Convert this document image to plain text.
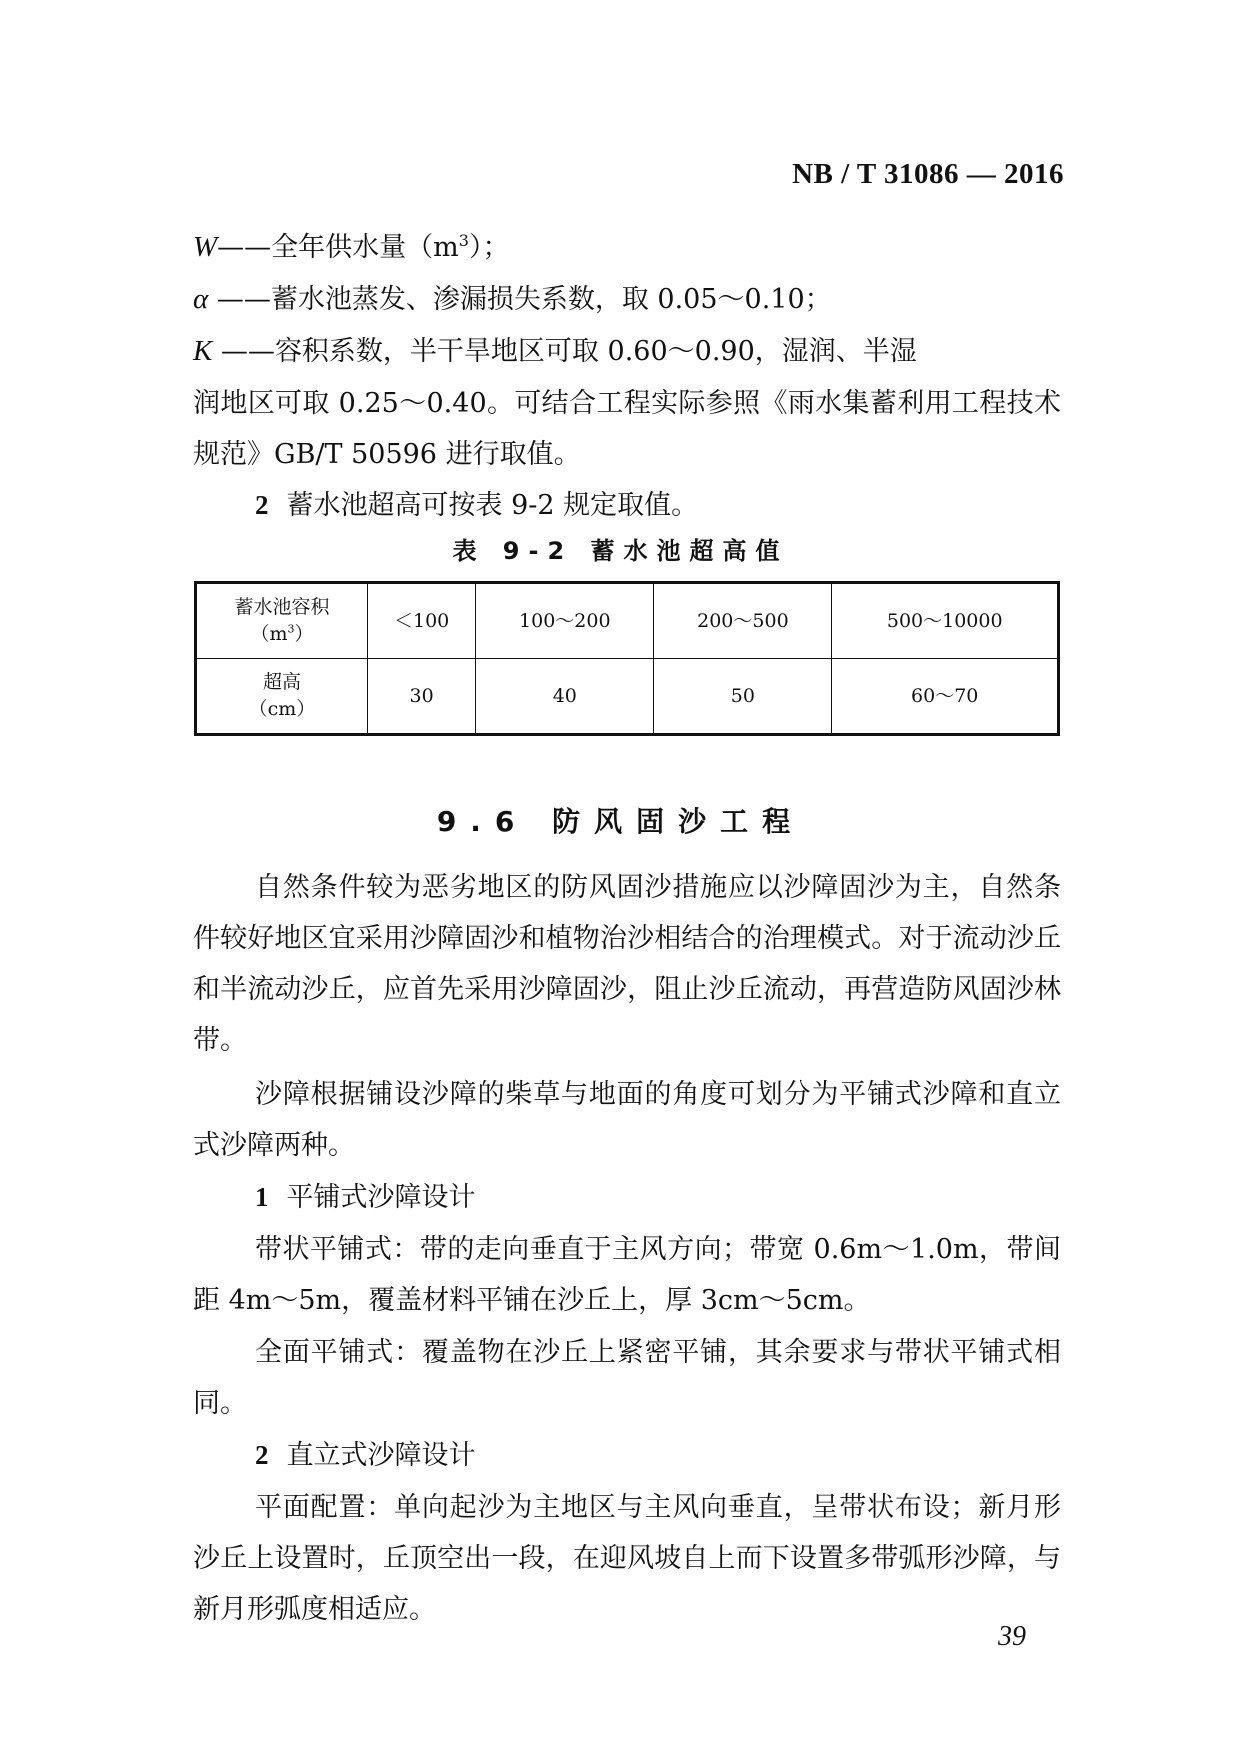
NB / T 31086 — 2016
W——全年供水量$(m^3)$；
α ——蓄水池蒸发、渗漏损失系数，取 0.05～0.10；
K ——容积系数，半干旱地区可取 0.60～0.90，湿润、半湿
润地区可取 0.25～0.40。可结合工程实际参照《雨水集蓄利用工程技术规范》GB/T 50596 进行取值。
2 蓄水池超高可按表 9-2 规定取值。
表 9-2 蓄水池超高值
蓄水池容积
$(m^3)$	＜100	100～200	200～500	500～10000
超高
（cm）	30	40	50	60～70
9.6 防风固沙工程
自然条件较为恶劣地区的防风固沙措施应以沙障固沙为主，自然条件较好地区宜采用沙障固沙和植物治沙相结合的治理模式。对于流动沙丘和半流动沙丘，应首先采用沙障固沙，阻止沙丘流动，再营造防风固沙林带。
沙障根据铺设沙障的柴草与地面的角度可划分为平铺式沙障和直立式沙障两种。
1 平铺式沙障设计
带状平铺式：带的走向垂直于主风方向；带宽 0.6m～1.0m，带间距 4m～5m，覆盖材料平铺在沙丘上，厚 3cm～5cm。
全面平铺式：覆盖物在沙丘上紧密平铺，其余要求与带状平铺式相同。
2 直立式沙障设计
平面配置：单向起沙为主地区与主风向垂直，呈带状布设；新月形沙丘上设置时，丘顶空出一段，在迎风坡自上而下设置多带弧形沙障，与新月形弧度相适应。
39
